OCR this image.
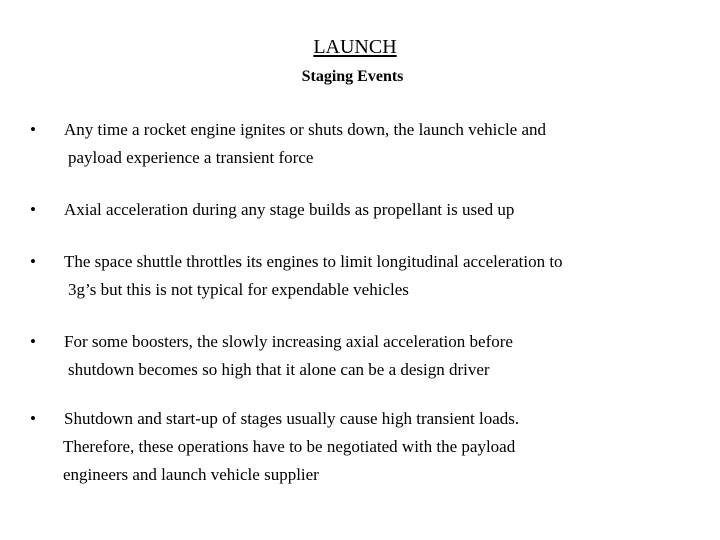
LAUNCH
Staging Events
• Any time a rocket engine ignites or shuts down, the launch vehicle and
payload experience a transient force
• Axial acceleration during any stage builds as propellant is used up
• The space shuttle throttles its engines to limit longitudinal acceleration to
3g’s but this is not typical for expendable vehicles
• For some boosters, the slowly increasing axial acceleration before
shutdown becomes so high that it alone can be a design driver
• Shutdown and start-up of stages usually cause high transient loads.
Therefore, these operations have to be negotiated with the payload
engineers and launch vehicle supplier
